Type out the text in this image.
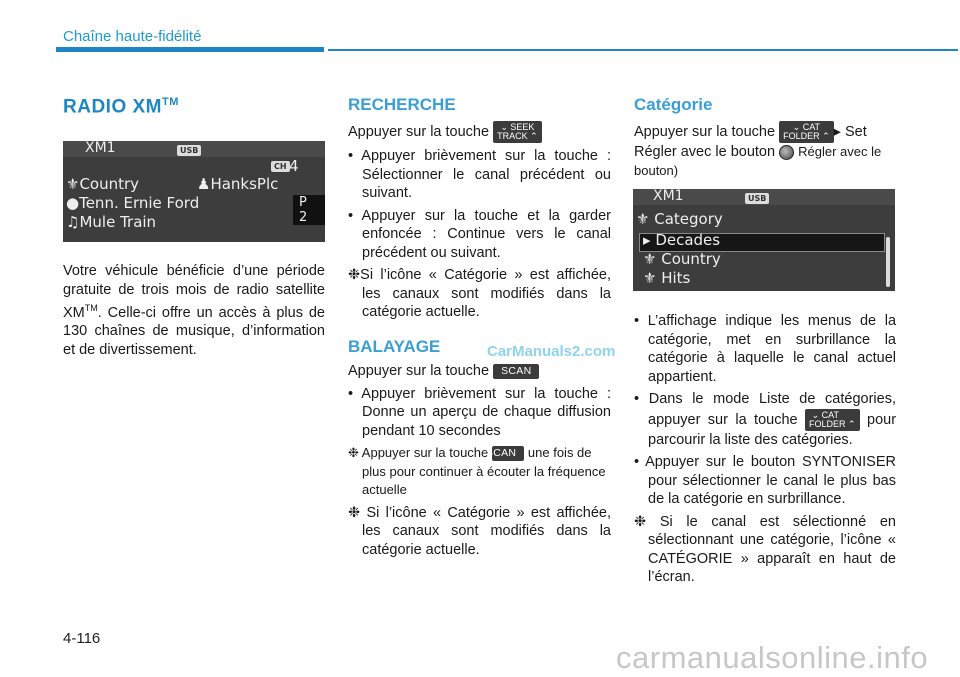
Chaîne haute-fidélité
RADIO XM™
XM1	USB
CH 4
⚜Country	♟HanksPlc
●Tenn. Ernie Ford	P 2
♫Mule Train
Votre véhicule bénéficie d’une période gratuite de trois mois de radio satellite XM™. Celle-ci offre un accès à plus de 130 chaînes de musique, d’information et de divertissement.
RECHERCHE

Appuyer sur la touche ⌄ SEEK
TRACK ⌃

• Appuyer brièvement sur la touche : Sélectionner le canal précédent ou suivant.

• Appuyer sur la touche et la garder enfoncée : Continue vers le canal précédent ou suivant.

❉Si l’icône « Catégorie » est affichée, les canaux sont modifiés dans la catégorie actuelle.

BALAYAGE	CarManuals2.com

Appuyer sur la touche SCAN

• Appuyer brièvement sur la touche : Donne un aperçu de chaque diffusion pendant 10 secondes

❉ Appuyer sur la touche SCAN une fois de plus pour continuer à écouter la fréquence actuelle

❉ Si l’icône « Catégorie » est affichée, les canaux sont modifiés dans la catégorie actuelle.

Catégorie

Appuyer sur la touche ⌄ CAT
FOLDER ⌃ ▸ Set

Régler avec le bouton Régler avec le bouton)

XM1	USB
⚜ Category
▸ Decades
⚜ Country
⚜ Hits

• L’affichage indique les menus de la catégorie, met en surbrillance la catégorie à laquelle le canal actuel appartient.

• Dans le mode Liste de catégories, appuyer sur la touche ⌄ CAT
FOLDER ⌃ pour parcourir la liste des catégories.

• Appuyer sur le bouton SYNTONISER pour sélectionner le canal le plus bas de la catégorie en surbrillance.

❉ Si le canal est sélectionné en sélectionnant une catégorie, l’icône « CATÉGORIE » apparaît en haut de l’écran.

4-116
carmanualsonline.info
